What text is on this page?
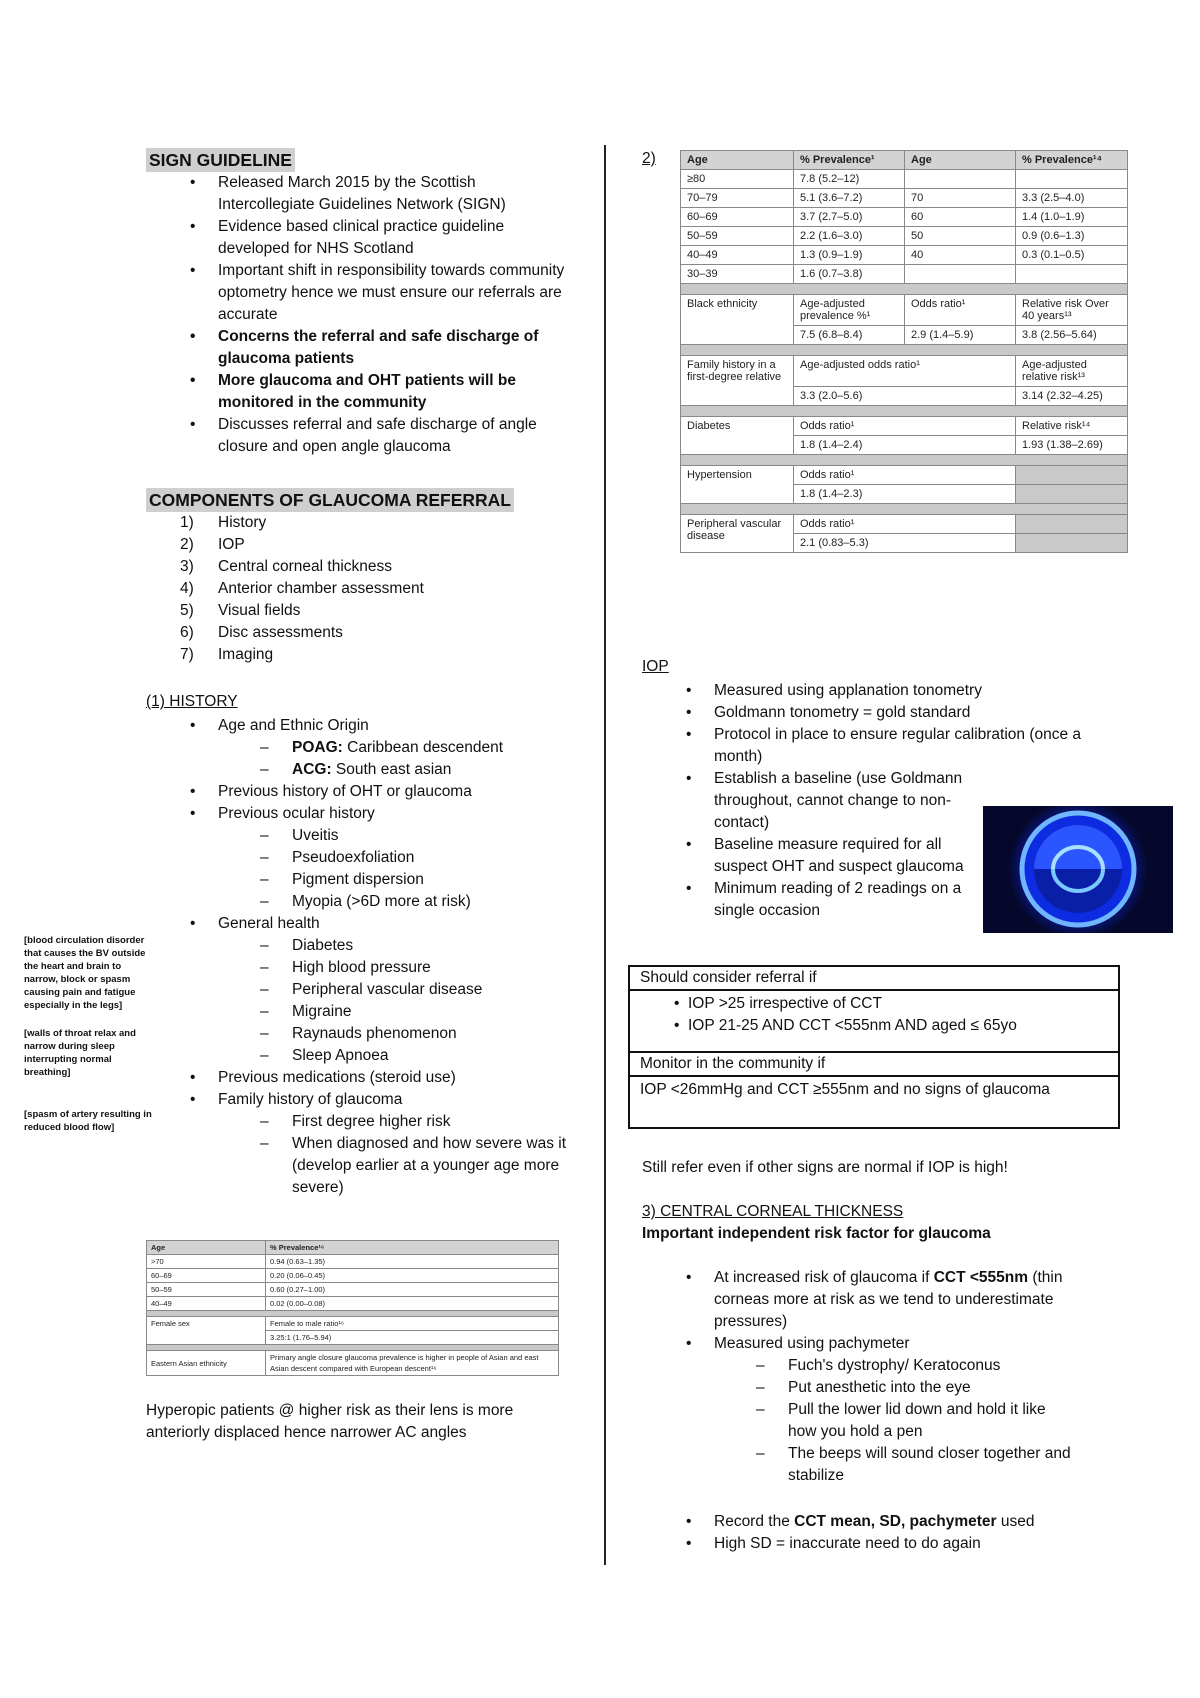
SIGN GUIDELINE
• Released March 2015 by the Scottish Intercollegiate Guidelines Network (SIGN)
• Evidence based clinical practice guideline developed for NHS Scotland
• Important shift in responsibility towards community optometry hence we must ensure our referrals are accurate
• Concerns the referral and safe discharge of glaucoma patients
• More glaucoma and OHT patients will be monitored in the community
• Discusses referral and safe discharge of angle closure and open angle glaucoma
COMPONENTS OF GLAUCOMA REFERRAL
1) History
2) IOP
3) Central corneal thickness
4) Anterior chamber assessment
5) Visual fields
6) Disc assessments
7) Imaging
(1) HISTORY
• Age and Ethnic Origin
– POAG: Caribbean descendent
– ACG: South east asian
• Previous history of OHT or glaucoma
• Previous ocular history
– Uveitis
– Pseudoexfoliation
– Pigment dispersion
– Myopia (>6D more at risk)
• General health
– Diabetes
– High blood pressure
– Peripheral vascular disease
– Migraine
– Raynauds phenomenon
– Sleep Apnoea
• Previous medications (steroid use)
• Family history of glaucoma
– First degree higher risk
– When diagnosed and how severe was it (develop earlier at a younger age more severe)
[blood circulation disorder that causes the BV outside the heart and brain to narrow, block or spasm causing pain and fatigue especially in the legs]
[walls of throat relax and narrow during sleep interrupting normal breathing]
[spasm of artery resulting in reduced blood flow]
Age	% Prevalence¹⁶
>70	0.94 (0.63–1.35)
60–69	0.20 (0.06–0.45)
50–59	0.60 (0.27–1.00)
40–49	0.02 (0.00–0.08)

Female sex	Female to male ratio¹⁶
	3.25:1 (1.76–5.94)

Eastern Asian ethnicity	Primary angle closure glaucoma prevalence is higher in people of Asian and east Asian descent compared with European descent¹⁶
Hyperopic patients @ higher risk as their lens is more anteriorly displaced hence narrower AC angles
2)	Age	% Prevalence¹	Age	% Prevalence¹⁴
≥80	7.8 (5.2–12)		
70–79	5.1 (3.6–7.2)	70	3.3 (2.5–4.0)
60–69	3.7 (2.7–5.0)	60	1.4 (1.0–1.9)
50–59	2.2 (1.6–3.0)	50	0.9 (0.6–1.3)
40–49	1.3 (0.9–1.9)	40	0.3 (0.1–0.5)
30–39	1.6 (0.7–3.8)		

Black ethnicity	Age-adjusted prevalence %¹	Odds ratio¹	Relative risk Over 40 years¹³
	7.5 (6.8–8.4)	2.9 (1.4–5.9)	3.8 (2.56–5.64)

Family history in a first-degree relative	Age-adjusted odds ratio¹		Age-adjusted relative risk¹³
	3.3 (2.0–5.6)		3.14 (2.32–4.25)

Diabetes	Odds ratio¹		Relative risk¹⁴
	1.8 (1.4–2.4)		1.93 (1.38–2.69)

Hypertension	Odds ratio¹		
	1.8 (1.4–2.3)		

Peripheral vascular disease	Odds ratio¹		
	2.1 (0.83–5.3)		
IOP
• Measured using applanation tonometry
• Goldmann tonometry = gold standard
• Protocol in place to ensure regular calibration (once a month)
• Establish a baseline (use Goldmann throughout, cannot change to non-contact)
• Baseline measure required for all suspect OHT and suspect glaucoma
• Minimum reading of 2 readings on a single occasion
Should consider referral if
• IOP >25 irrespective of CCT
• IOP 21-25 AND CCT <555nm AND aged ≤ 65yo
Monitor in the community if
IOP <26mmHg and CCT ≥555nm and no signs of glaucoma
Still refer even if other signs are normal if IOP is high!
3) CENTRAL CORNEAL THICKNESS
Important independent risk factor for glaucoma
• At increased risk of glaucoma if CCT <555nm (thin corneas more at risk as we tend to underestimate pressures)
• Measured using pachymeter
– Fuch's dystrophy/ Keratoconus
– Put anesthetic into the eye
– Pull the lower lid down and hold it like how you hold a pen
– The beeps will sound closer together and stabilize
• Record the CCT mean, SD, pachymeter used
• High SD = inaccurate need to do again
